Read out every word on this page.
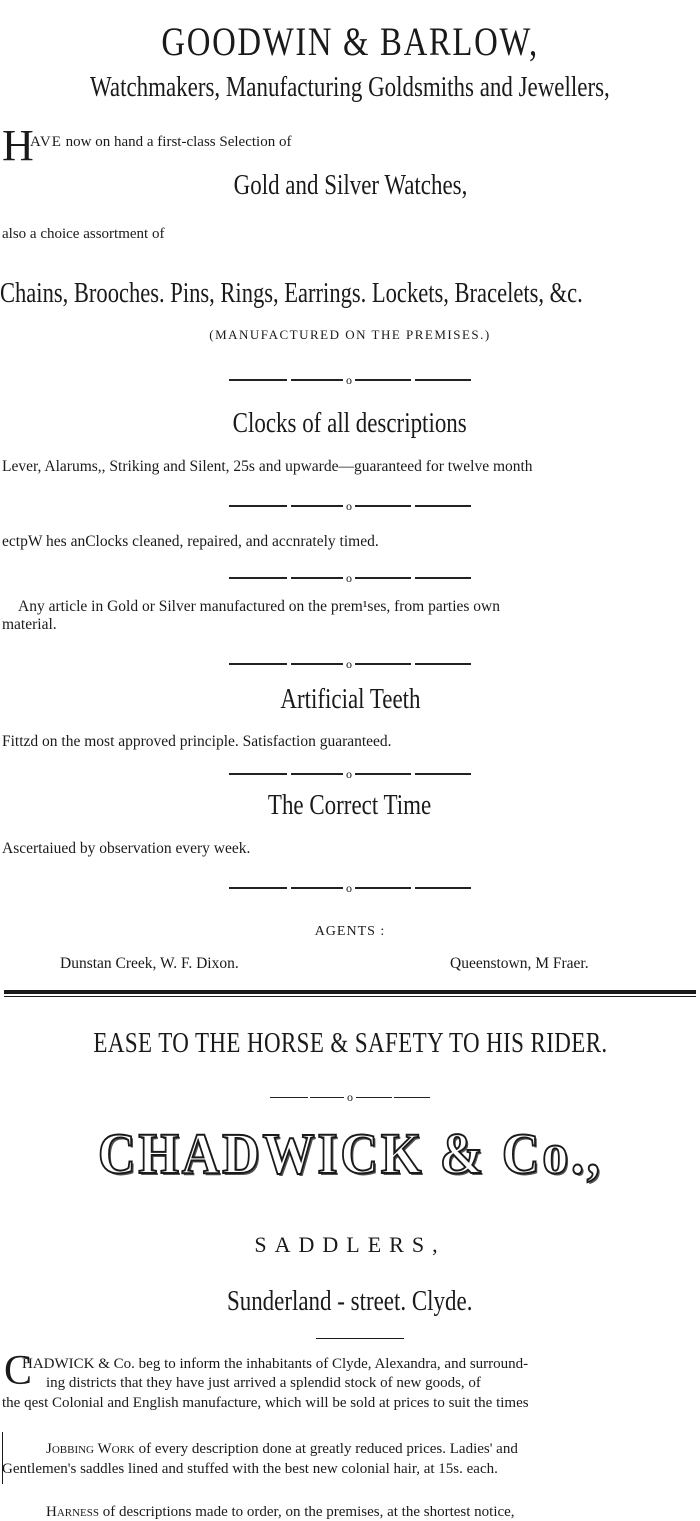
GOODWIN & BARLOW,
Watchmakers, Manufacturing Goldsmiths and Jewellers,
H
AVE now on hand a first-class Selection of
Gold and Silver Watches,
also a choice assortment of
Chains, Brooches. Pins, Rings, Earrings. Lockets, Bracelets, &c.
(MANUFACTURED ON THE PREMISES.)
o
Clocks of all descriptions
Lever, Alarums,, Striking and Silent, 25s and upwarde—guaranteed for twelve month
o
ectpW hes anClocks cleaned, repaired, and accnrately timed.
o
Any article in Gold or Silver manufactured on the prem¹ses, from parties own
material.
o
Artificial Teeth
Fittzd on the most approved principle. Satisfaction guaranteed.
o
The Correct Time
Ascertaiued by observation every week.
o
AGENTS :
Dunstan Creek, W. F. Dixon.	Queenstown, M Fraer.
EASE TO THE HORSE & SAFETY TO HIS RIDER.
o
CHADWICK & Co.,
SADDLERS,
Sunderland - street. Clyde.
C
HADWICK & Co. beg to inform the inhabitants of Clyde, Alexandra, and surround-
ing districts that they have just arrived a splendid stock of new goods, of
the qest Colonial and English manufacture, which will be sold at prices to suit the times
Jobbing Work of every description done at greatly reduced prices. Ladies' and
Gentlemen's saddles lined and stuffed with the best new colonial hair, at 15s. each.
Harness of descriptions made to order, on the premises, at the shortest notice,
